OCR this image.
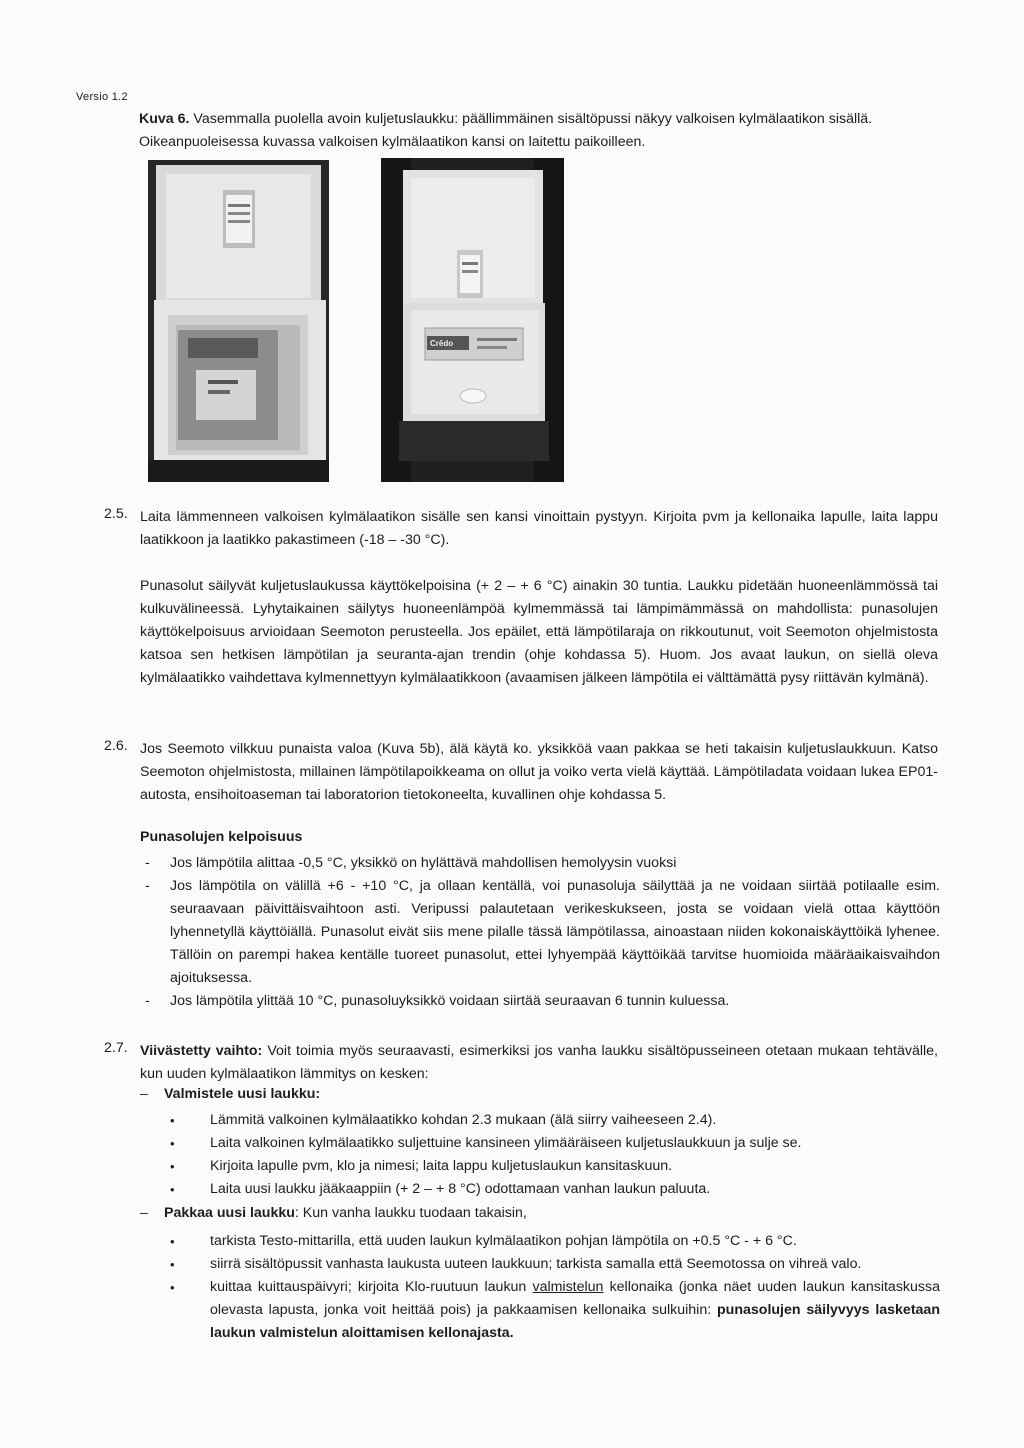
Versio 1.2
Kuva 6. Vasemmalla puolella avoin kuljetuslaukku: päällimmäinen sisältöpussi näkyy valkoisen kylmälaatikon sisällä. Oikeanpuoleisessa kuvassa valkoisen kylmälaatikon kansi on laitettu paikoilleen.
Crēdo
2.5. Laita lämmenneen valkoisen kylmälaatikon sisälle sen kansi vinoittain pystyyn. Kirjoita pvm ja kellonaika lapulle, laita lappu laatikkoon ja laatikko pakastimeen (-18 – -30 °C).
Punasolut säilyvät kuljetuslaukussa käyttökelpoisina (+ 2 – + 6 °C) ainakin 30 tuntia. Laukku pidetään huoneenlämmössä tai kulkuvälineessä. Lyhytaikainen säilytys huoneenlämpöä kylmemmässä tai lämpimämmässä on mahdollista: punasolujen käyttökelpoisuus arvioidaan Seemoton perusteella. Jos epäilet, että lämpötilaraja on rikkoutunut, voit Seemoton ohjelmistosta katsoa sen hetkisen lämpötilan ja seuranta-ajan trendin (ohje kohdassa 5). Huom. Jos avaat laukun, on siellä oleva kylmälaatikko vaihdettava kylmennettyyn kylmälaatikkoon (avaamisen jälkeen lämpötila ei välttämättä pysy riittävän kylmänä).
2.6. Jos Seemoto vilkkuu punaista valoa (Kuva 5b), älä käytä ko. yksikköä vaan pakkaa se heti takaisin kuljetuslaukkuun. Katso Seemoton ohjelmistosta, millainen lämpötilapoikkeama on ollut ja voiko verta vielä käyttää. Lämpötiladata voidaan lukea EP01-autosta, ensihoitoaseman tai laboratorion tietokoneelta, kuvallinen ohje kohdassa 5.
Punasolujen kelpoisuus
- Jos lämpötila alittaa -0,5 °C, yksikkö on hylättävä mahdollisen hemolyysin vuoksi
- Jos lämpötila on välillä +6 - +10 °C, ja ollaan kentällä, voi punasoluja säilyttää ja ne voidaan siirtää potilaalle esim. seuraavaan päivittäisvaihtoon asti. Veripussi palautetaan verikeskukseen, josta se voidaan vielä ottaa käyttöön lyhennetyllä käyttöiällä. Punasolut eivät siis mene pilalle tässä lämpötilassa, ainoastaan niiden kokonaiskäyttöikä lyhenee. Tällöin on parempi hakea kentälle tuoreet punasolut, ettei lyhyempää käyttöikää tarvitse huomioida määräaikaisvaihdon ajoituksessa.
- Jos lämpötila ylittää 10 °C, punasoluyksikkö voidaan siirtää seuraavan 6 tunnin kuluessa.
2.7. Viivästetty vaihto: Voit toimia myös seuraavasti, esimerkiksi jos vanha laukku sisältöpusseineen otetaan mukaan tehtävälle, kun uuden kylmälaatikon lämmitys on kesken:
– Valmistele uusi laukku:
• Lämmitä valkoinen kylmälaatikko kohdan 2.3 mukaan (älä siirry vaiheeseen 2.4).
• Laita valkoinen kylmälaatikko suljettuine kansineen ylimääräiseen kuljetuslaukkuun ja sulje se.
• Kirjoita lapulle pvm, klo ja nimesi; laita lappu kuljetuslaukun kansitaskuun.
• Laita uusi laukku jääkaappiin (+ 2 – + 8 °C) odottamaan vanhan laukun paluuta.
– Pakkaa uusi laukku: Kun vanha laukku tuodaan takaisin,
• tarkista Testo-mittarilla, että uuden laukun kylmälaatikon pohjan lämpötila on +0.5 °C - + 6 °C.
• siirrä sisältöpussit vanhasta laukusta uuteen laukkuun; tarkista samalla että Seemotossa on vihreä valo.
• kuittaa kuittauspäivyri; kirjoita Klo-ruutuun laukun valmistelun kellonaika (jonka näet uuden laukun kansitaskussa olevasta lapusta, jonka voit heittää pois) ja pakkaamisen kellonaika sulkuihin: punasolujen säilyvyys lasketaan laukun valmistelun aloittamisen kellonajasta.
